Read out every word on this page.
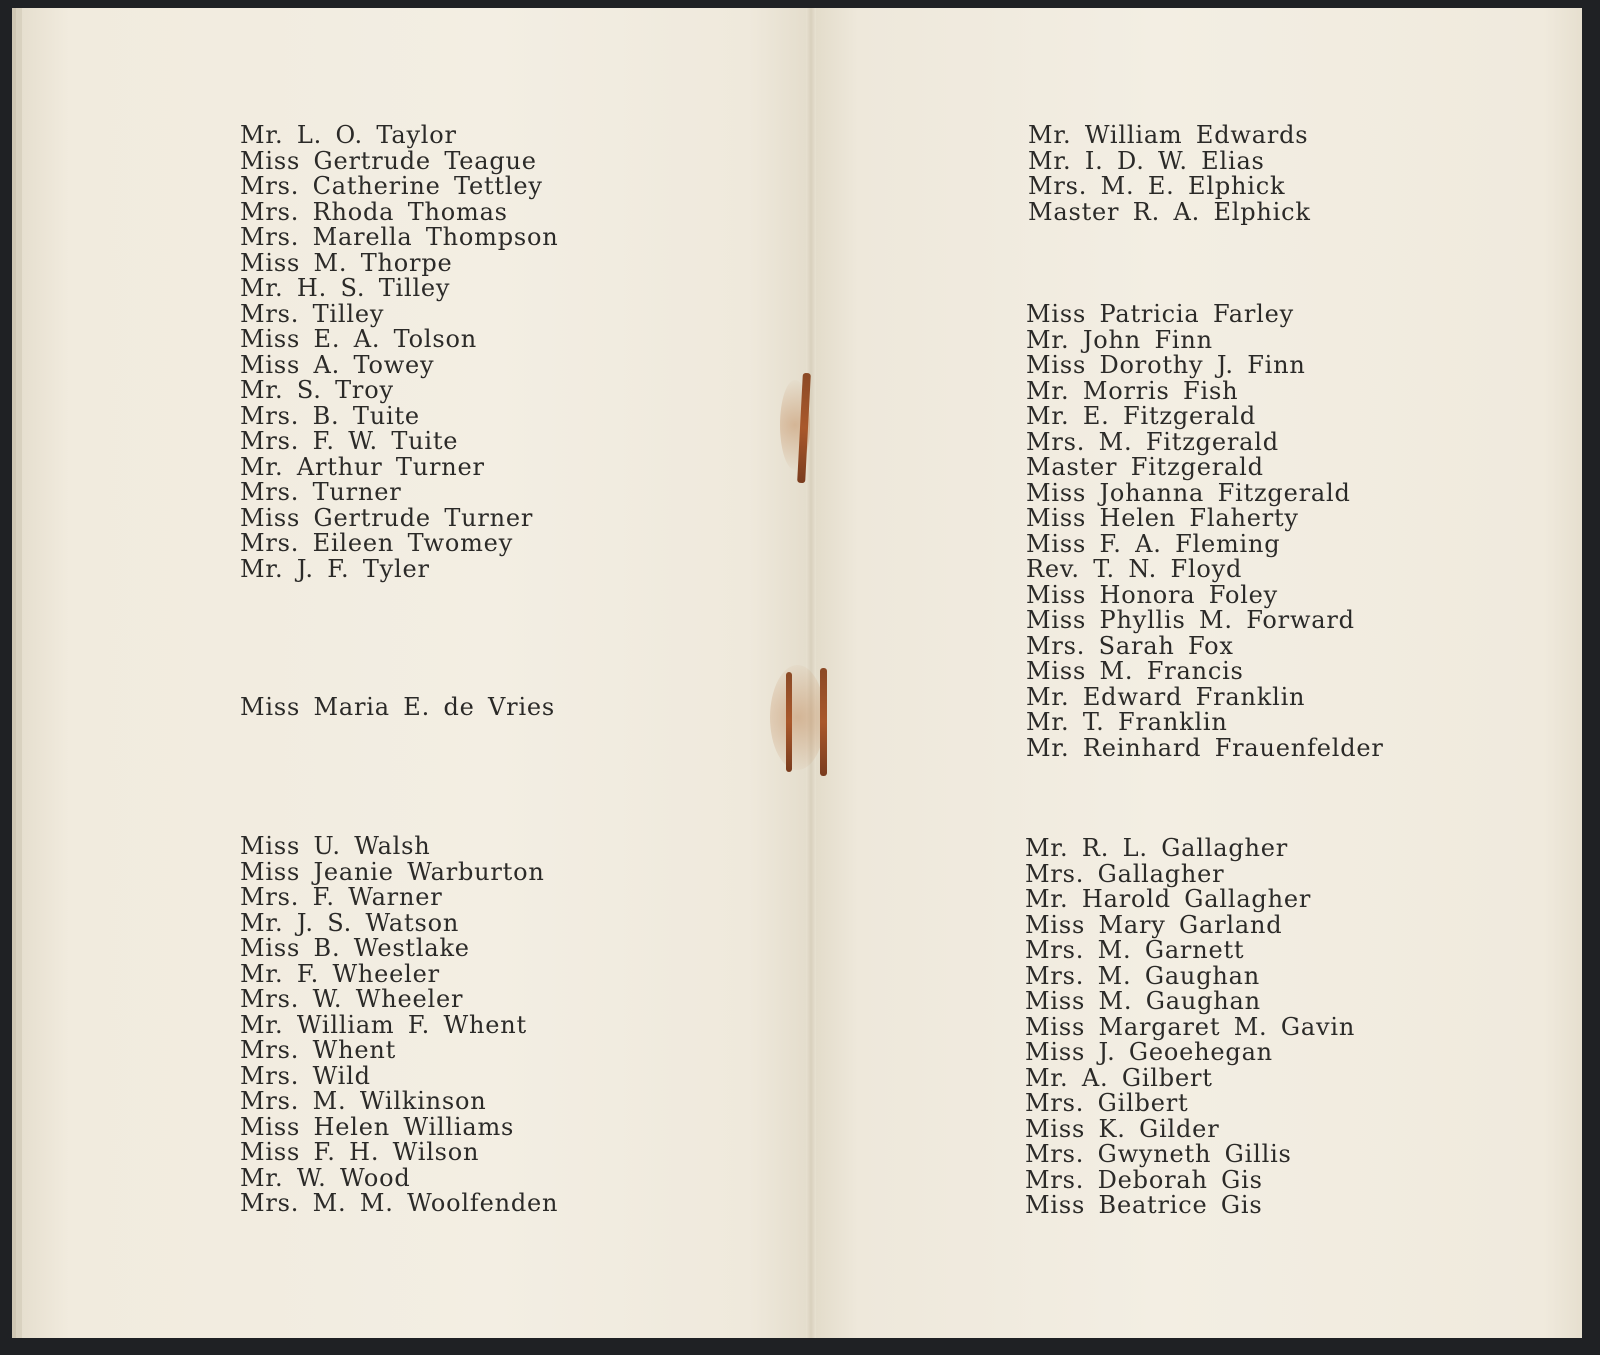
Mr. L. O. Taylor
Miss Gertrude Teague
Mrs. Catherine Tettley
Mrs. Rhoda Thomas
Mrs. Marella Thompson
Miss M. Thorpe
Mr. H. S. Tilley
Mrs. Tilley
Miss E. A. Tolson
Miss A. Towey
Mr. S. Troy
Mrs. B. Tuite
Mrs. F. W. Tuite
Mr. Arthur Turner
Mrs. Turner
Miss Gertrude Turner
Mrs. Eileen Twomey
Mr. J. F. Tyler
Miss Maria E. de Vries
Miss U. Walsh
Miss Jeanie Warburton
Mrs. F. Warner
Mr. J. S. Watson
Miss B. Westlake
Mr. F. Wheeler
Mrs. W. Wheeler
Mr. William F. Whent
Mrs. Whent
Mrs. Wild
Mrs. M. Wilkinson
Miss Helen Williams
Miss F. H. Wilson
Mr. W. Wood
Mrs. M. M. Woolfenden
Mr. William Edwards
Mr. I. D. W. Elias
Mrs. M. E. Elphick
Master R. A. Elphick
Miss Patricia Farley
Mr. John Finn
Miss Dorothy J. Finn
Mr. Morris Fish
Mr. E. Fitzgerald
Mrs. M. Fitzgerald
Master Fitzgerald
Miss Johanna Fitzgerald
Miss Helen Flaherty
Miss F. A. Fleming
Rev. T. N. Floyd
Miss Honora Foley
Miss Phyllis M. Forward
Mrs. Sarah Fox
Miss M. Francis
Mr. Edward Franklin
Mr. T. Franklin
Mr. Reinhard Frauenfelder
Mr. R. L. Gallagher
Mrs. Gallagher
Mr. Harold Gallagher
Miss Mary Garland
Mrs. M. Garnett
Mrs. M. Gaughan
Miss M. Gaughan
Miss Margaret M. Gavin
Miss J. Geoehegan
Mr. A. Gilbert
Mrs. Gilbert
Miss K. Gilder
Mrs. Gwyneth Gillis
Mrs. Deborah Gis
Miss Beatrice Gis
